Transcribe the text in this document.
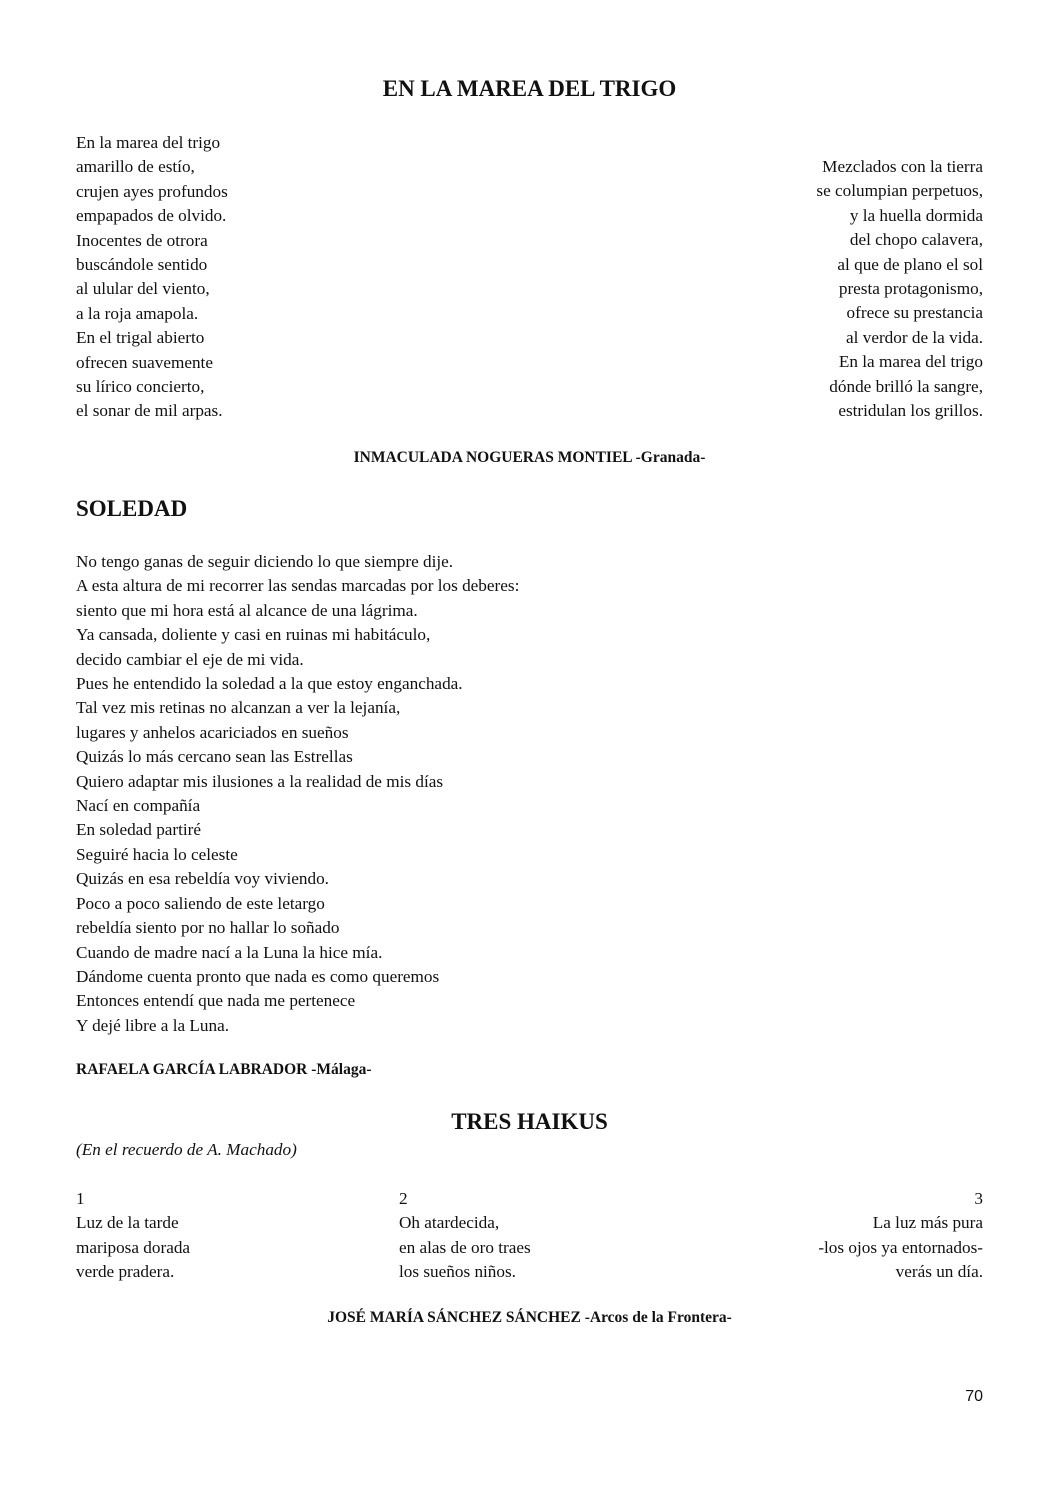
EN LA MAREA DEL TRIGO
En la marea del trigo
amarillo de estío,
crujen ayes profundos
empapados de olvido.
Inocentes de otrora
buscándole sentido
al ulular del viento,
a la roja amapola.
En el trigal abierto
ofrecen suavemente
su lírico concierto,
el sonar de mil arpas.
Mezclados con la tierra
se columpian perpetuos,
y la huella dormida
del chopo calavera,
al que de plano el sol
presta protagonismo,
ofrece su prestancia
al verdor de la vida.
En la marea del trigo
dónde brilló la sangre,
estridulan los grillos.

INMACULADA NOGUERAS MONTIEL -Granada-

SOLEDAD
No tengo ganas de seguir diciendo lo que siempre dije.
A esta altura de mi recorrer las sendas marcadas por los deberes:
siento que mi hora está al alcance de una lágrima.
Ya cansada, doliente y casi en ruinas mi habitáculo,
decido cambiar el eje de mi vida.
Pues he entendido la soledad a la que estoy enganchada.
Tal vez mis retinas no alcanzan a ver la lejanía,
lugares y anhelos acariciados en sueños
Quizás lo más cercano sean las Estrellas
Quiero adaptar mis ilusiones a la realidad de mis días
Nací en compañía
En soledad partiré
Seguiré hacia lo celeste
Quizás en esa rebeldía voy viviendo.
Poco a poco saliendo de este letargo
rebeldía siento por no hallar lo soñado
Cuando de madre nací a la Luna la hice mía.
Dándome cuenta pronto que nada es como queremos
Entonces entendí que nada me pertenece
Y dejé libre a la Luna.

RAFAELA GARCÍA LABRADOR -Málaga-

TRES HAIKUS

(En el recuerdo de A. Machado)

1
Luz de la tarde
mariposa dorada
verde pradera.
2
Oh atardecida,
en alas de oro traes
los sueños niños.
3
La luz más pura
-los ojos ya entornados-
verás un día.

JOSÉ MARÍA SÁNCHEZ SÁNCHEZ -Arcos de la Frontera-

70
